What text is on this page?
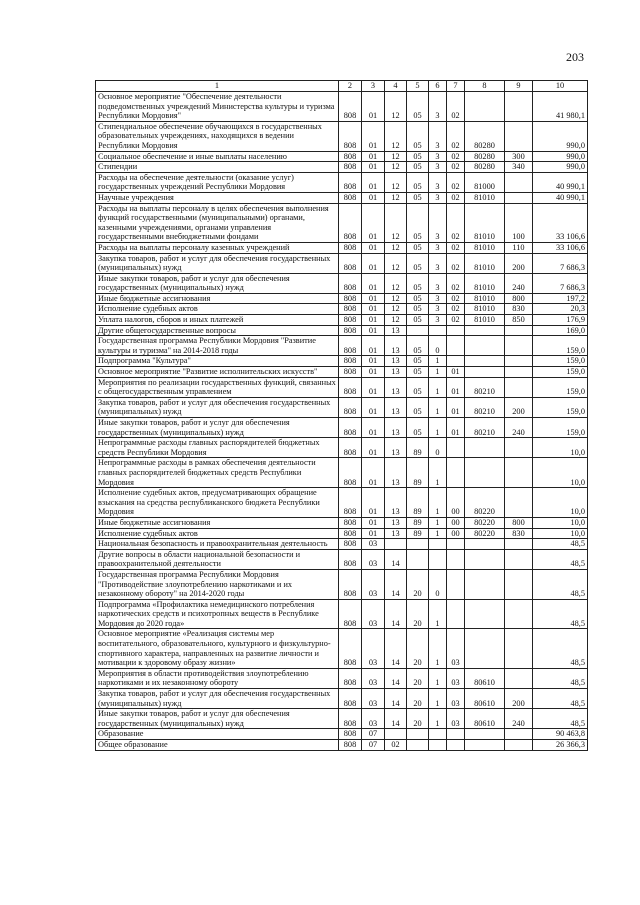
203
1	2	3	4	5	6	7	8	9	10
Основное мероприятие "Обеспечение деятельности подведомственных учреждений Министерства культуры и туризма Республики Мордовия"	808	01	12	05	3	02			41 980,1
Стипендиальное обеспечение обучающихся в государственных образовательных учреждениях, находящихся в ведении Республики Мордовия	808	01	12	05	3	02	80280		990,0
Социальное обеспечение и иные выплаты населению	808	01	12	05	3	02	80280	300	990,0
Стипендии	808	01	12	05	3	02	80280	340	990,0
Расходы на обеспечение деятельности (оказание услуг) государственных учреждений Республики Мордовия	808	01	12	05	3	02	81000		40 990,1
Научные учреждения	808	01	12	05	3	02	81010		40 990,1
Расходы на выплаты персоналу в целях обеспечения выполнения функций государственными (муниципальными) органами, казенными учреждениями, органами управления государственными внебюджетными фондами	808	01	12	05	3	02	81010	100	33 106,6
Расходы на выплаты персоналу казенных учреждений	808	01	12	05	3	02	81010	110	33 106,6
Закупка товаров, работ и услуг для обеспечения государственных (муниципальных) нужд	808	01	12	05	3	02	81010	200	7 686,3
Иные закупки товаров, работ и услуг для обеспечения государственных (муниципальных) нужд	808	01	12	05	3	02	81010	240	7 686,3
Иные бюджетные ассигнования	808	01	12	05	3	02	81010	800	197,2
Исполнение судебных актов	808	01	12	05	3	02	81010	830	20,3
Уплата налогов, сборов и иных платежей	808	01	12	05	3	02	81010	850	176,9
Другие общегосударственные вопросы	808	01	13						169,0
Государственная программа Республики Мордовия "Развитие культуры и туризма" на 2014-2018 годы	808	01	13	05	0				159,0
Подпрограмма "Культура"	808	01	13	05	1				159,0
Основное мероприятие "Развитие исполнительских искусств"	808	01	13	05	1	01			159,0
Мероприятия по реализации государственных функций, связанных с общегосударственным управлением	808	01	13	05	1	01	80210		159,0
Закупка товаров, работ и услуг для обеспечения государственных (муниципальных) нужд	808	01	13	05	1	01	80210	200	159,0
Иные закупки товаров, работ и услуг для обеспечения государственных (муниципальных) нужд	808	01	13	05	1	01	80210	240	159,0
Непрограммные расходы главных распорядителей бюджетных средств Республики Мордовия	808	01	13	89	0				10,0
Непрограммные расходы в рамках обеспечения деятельности главных распорядителей бюджетных средств Республики Мордовия	808	01	13	89	1				10,0
Исполнение судебных актов, предусматривающих обращение взыскания на средства республиканского бюджета Республики Мордовия	808	01	13	89	1	00	80220		10,0
Иные бюджетные ассигнования	808	01	13	89	1	00	80220	800	10,0
Исполнение судебных актов	808	01	13	89	1	00	80220	830	10,0
Национальная безопасность и правоохранительная деятельность	808	03							48,5
Другие вопросы в области национальной безопасности и правоохранительной деятельности	808	03	14						48,5
Государственная программа Республики Мордовия "Противодействие злоупотреблению наркотиками и их незаконному обороту" на 2014-2020 годы	808	03	14	20	0				48,5
Подпрограмма «Профилактика немедицинского потребления наркотических средств и психотропных веществ в Республике Мордовия до 2020 года»	808	03	14	20	1				48,5
Основное мероприятие «Реализация системы мер воспитательного, образовательного, культурного и физкультурно-спортивного характера, направленных на развитие личности и мотивации к здоровому образу жизни»	808	03	14	20	1	03			48,5
Мероприятия в области противодействия злоупотреблению наркотиками и их незаконному обороту	808	03	14	20	1	03	80610		48,5
Закупка товаров, работ и услуг для обеспечения государственных (муниципальных) нужд	808	03	14	20	1	03	80610	200	48,5
Иные закупки товаров, работ и услуг для обеспечения государственных (муниципальных) нужд	808	03	14	20	1	03	80610	240	48,5
Образование	808	07							90 463,8
Общее образование	808	07	02						26 366,3
